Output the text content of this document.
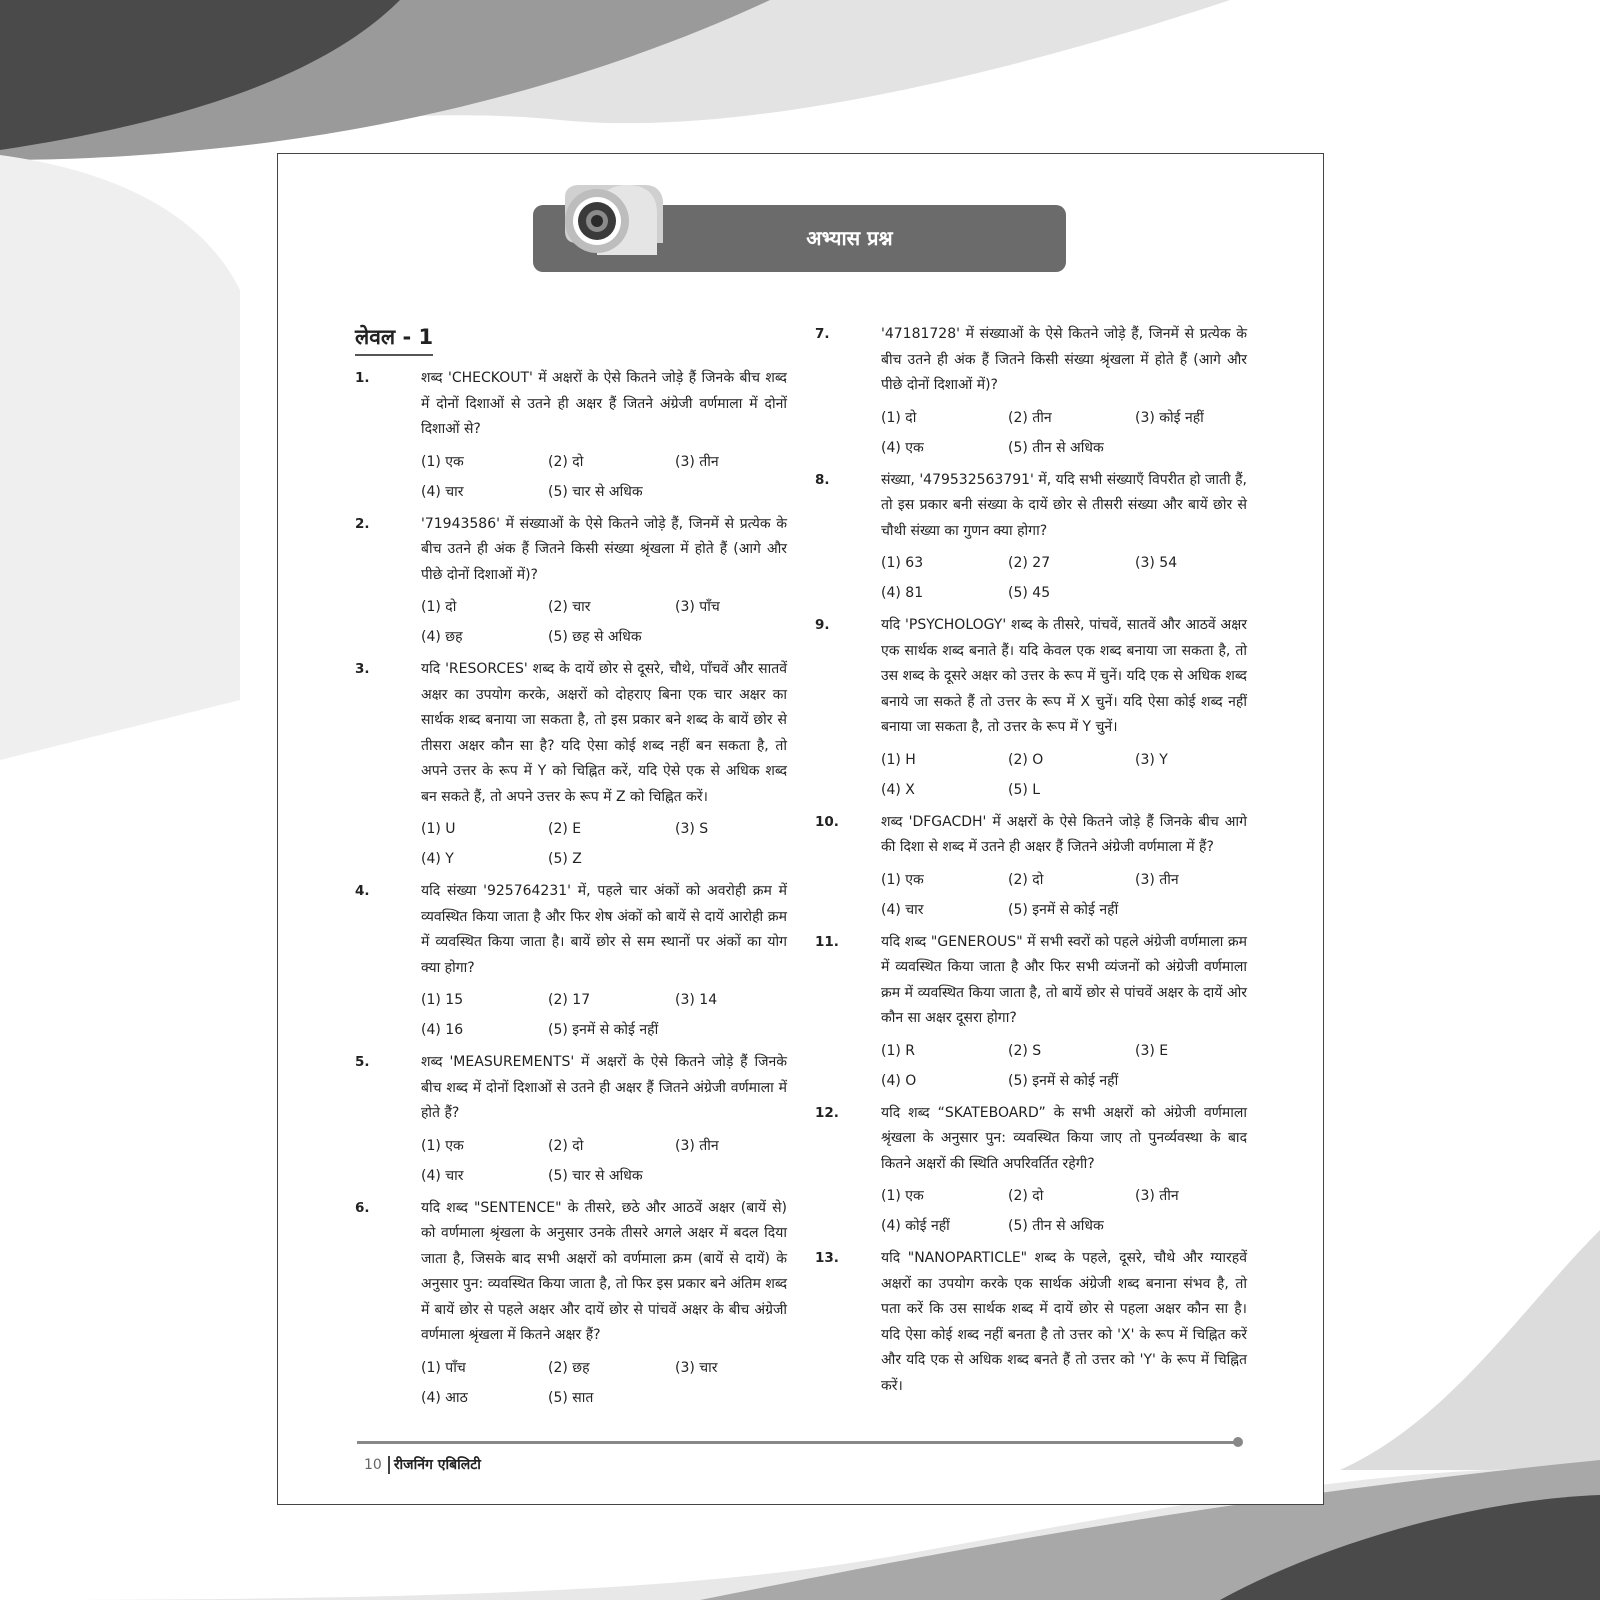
अभ्यास प्रश्न
लेवल - 1
1.	शब्द 'CHECKOUT' में अक्षरों के ऐसे कितने जोड़े हैं जिनके बीच शब्द में दोनों दिशाओं से उतने ही अक्षर हैं जितने अंग्रेजी वर्णमाला में दोनों दिशाओं से?
(1) एक	(2) दो	(3) तीन
(4) चार	(5) चार से अधिक
2.	'71943586' में संख्याओं के ऐसे कितने जोड़े हैं, जिनमें से प्रत्येक के बीच उतने ही अंक हैं जितने किसी संख्या श्रृंखला में होते हैं (आगे और पीछे दोनों दिशाओं में)?
(1) दो	(2) चार	(3) पाँच
(4) छह	(5) छह से अधिक
3.	यदि 'RESORCES' शब्द के दायें छोर से दूसरे, चौथे, पाँचवें और सातवें अक्षर का उपयोग करके, अक्षरों को दोहराए बिना एक चार अक्षर का सार्थक शब्द बनाया जा सकता है, तो इस प्रकार बने शब्द के बायें छोर से तीसरा अक्षर कौन सा है? यदि ऐसा कोई शब्द नहीं बन सकता है, तो अपने उत्तर के रूप में Y को चिह्नित करें, यदि ऐसे एक से अधिक शब्द बन सकते हैं, तो अपने उत्तर के रूप में Z को चिह्नित करें।
(1) U	(2) E	(3) S
(4) Y	(5) Z
4.	यदि संख्या '925764231' में, पहले चार अंकों को अवरोही क्रम में व्यवस्थित किया जाता है और फिर शेष अंकों को बायें से दायें आरोही क्रम में व्यवस्थित किया जाता है। बायें छोर से सम स्थानों पर अंकों का योग क्या होगा?
(1) 15	(2) 17	(3) 14
(4) 16	(5) इनमें से कोई नहीं
5.	शब्द 'MEASUREMENTS' में अक्षरों के ऐसे कितने जोड़े हैं जिनके बीच शब्द में दोनों दिशाओं से उतने ही अक्षर हैं जितने अंग्रेजी वर्णमाला में होते हैं?
(1) एक	(2) दो	(3) तीन
(4) चार	(5) चार से अधिक
6.	यदि शब्द "SENTENCE" के तीसरे, छठे और आठवें अक्षर (बायें से) को वर्णमाला श्रृंखला के अनुसार उनके तीसरे अगले अक्षर में बदल दिया जाता है, जिसके बाद सभी अक्षरों को वर्णमाला क्रम (बायें से दायें) के अनुसार पुन: व्यवस्थित किया जाता है, तो फिर इस प्रकार बने अंतिम शब्द में बायें छोर से पहले अक्षर और दायें छोर से पांचवें अक्षर के बीच अंग्रेजी वर्णमाला श्रृंखला में कितने अक्षर हैं?
(1) पाँच	(2) छह	(3) चार
(4) आठ	(5) सात
7.	'47181728' में संख्याओं के ऐसे कितने जोड़े हैं, जिनमें से प्रत्येक के बीच उतने ही अंक हैं जितने किसी संख्या श्रृंखला में होते हैं (आगे और पीछे दोनों दिशाओं में)?
(1) दो	(2) तीन	(3) कोई नहीं
(4) एक	(5) तीन से अधिक
8.	संख्या, '479532563791' में, यदि सभी संख्याएँ विपरीत हो जाती हैं, तो इस प्रकार बनी संख्या के दायें छोर से तीसरी संख्या और बायें छोर से चौथी संख्या का गुणन क्या होगा?
(1) 63	(2) 27	(3) 54
(4) 81	(5) 45
9.	यदि 'PSYCHOLOGY' शब्द के तीसरे, पांचवें, सातवें और आठवें अक्षर एक सार्थक शब्द बनाते हैं। यदि केवल एक शब्द बनाया जा सकता है, तो उस शब्द के दूसरे अक्षर को उत्तर के रूप में चुनें। यदि एक से अधिक शब्द बनाये जा सकते हैं तो उत्तर के रूप में X चुनें। यदि ऐसा कोई शब्द नहीं बनाया जा सकता है, तो उत्तर के रूप में Y चुनें।
(1) H	(2) O	(3) Y
(4) X	(5) L
10.	शब्द 'DFGACDH' में अक्षरों के ऐसे कितने जोड़े हैं जिनके बीच आगे की दिशा से शब्द में उतने ही अक्षर हैं जितने अंग्रेजी वर्णमाला में हैं?
(1) एक	(2) दो	(3) तीन
(4) चार	(5) इनमें से कोई नहीं
11.	यदि शब्द "GENEROUS" में सभी स्वरों को पहले अंग्रेजी वर्णमाला क्रम में व्यवस्थित किया जाता है और फिर सभी व्यंजनों को अंग्रेजी वर्णमाला क्रम में व्यवस्थित किया जाता है, तो बायें छोर से पांचवें अक्षर के दायें ओर कौन सा अक्षर दूसरा होगा?
(1) R	(2) S	(3) E
(4) O	(5) इनमें से कोई नहीं
12.	यदि शब्द “SKATEBOARD” के सभी अक्षरों को अंग्रेजी वर्णमाला श्रृंखला के अनुसार पुन: व्यवस्थित किया जाए तो पुनर्व्यवस्था के बाद कितने अक्षरों की स्थिति अपरिवर्तित रहेगी?
(1) एक	(2) दो	(3) तीन
(4) कोई नहीं	(5) तीन से अधिक
13.	यदि "NANOPARTICLE" शब्द के पहले, दूसरे, चौथे और ग्यारहवें अक्षरों का उपयोग करके एक सार्थक अंग्रेजी शब्द बनाना संभव है, तो पता करें कि उस सार्थक शब्द में दायें छोर से पहला अक्षर कौन सा है। यदि ऐसा कोई शब्द नहीं बनता है तो उत्तर को 'X' के रूप में चिह्नित करें और यदि एक से अधिक शब्द बनते हैं तो उत्तर को 'Y' के रूप में चिह्नित करें।
10 रीजनिंग एबिलिटी
